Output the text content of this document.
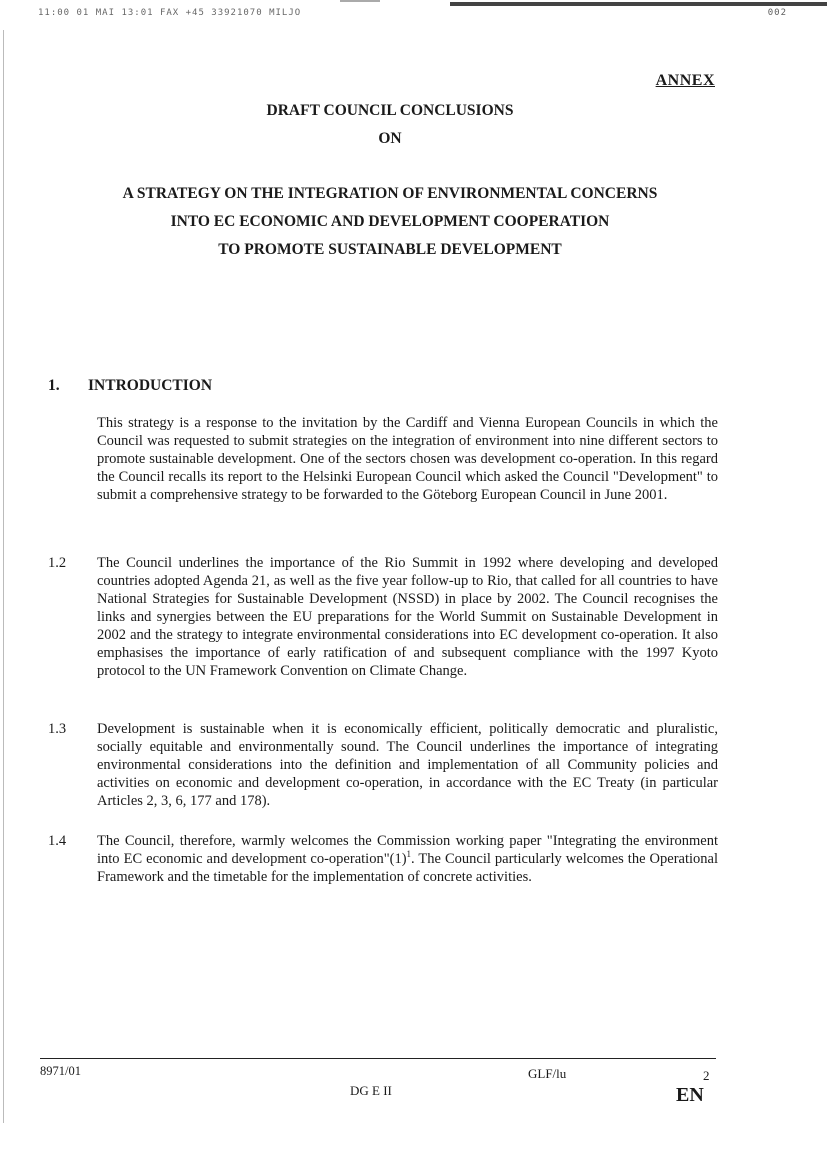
11:00 01 MAI 13:01 FAX +45 33921070 MILJO	002
ANNEX
DRAFT COUNCIL CONCLUSIONS
ON
A STRATEGY ON THE INTEGRATION OF ENVIRONMENTAL CONCERNS
INTO EC ECONOMIC AND DEVELOPMENT COOPERATION
TO PROMOTE SUSTAINABLE DEVELOPMENT
1. INTRODUCTION
This strategy is a response to the invitation by the Cardiff and Vienna European Councils in which the Council was requested to submit strategies on the integration of environment into nine different sectors to promote sustainable development. One of the sectors chosen was development co-operation. In this regard the Council recalls its report to the Helsinki European Council which asked the Council "Development" to submit a comprehensive strategy to be forwarded to the Göteborg European Council in June 2001.
1.2	The Council underlines the importance of the Rio Summit in 1992 where developing and developed countries adopted Agenda 21, as well as the five year follow-up to Rio, that called for all countries to have National Strategies for Sustainable Development (NSSD) in place by 2002. The Council recognises the links and synergies between the EU preparations for the World Summit on Sustainable Development in 2002 and the strategy to integrate environmental considerations into EC development co-operation. It also emphasises the importance of early ratification of and subsequent compliance with the 1997 Kyoto protocol to the UN Framework Convention on Climate Change.
1.3	Development is sustainable when it is economically efficient, politically democratic and pluralistic, socially equitable and environmentally sound. The Council underlines the importance of integrating environmental considerations into the definition and implementation of all Community policies and activities on economic and development co-operation, in accordance with the EC Treaty (in particular Articles 2, 3, 6, 177 and 178).
1.4	The Council, therefore, warmly welcomes the Commission working paper "Integrating the environment into EC economic and development $co-operation"(1)^1$. The Council particularly welcomes the Operational Framework and the timetable for the implementation of concrete activities.
8971/01	GLF/lu	2
DG E II	EN
